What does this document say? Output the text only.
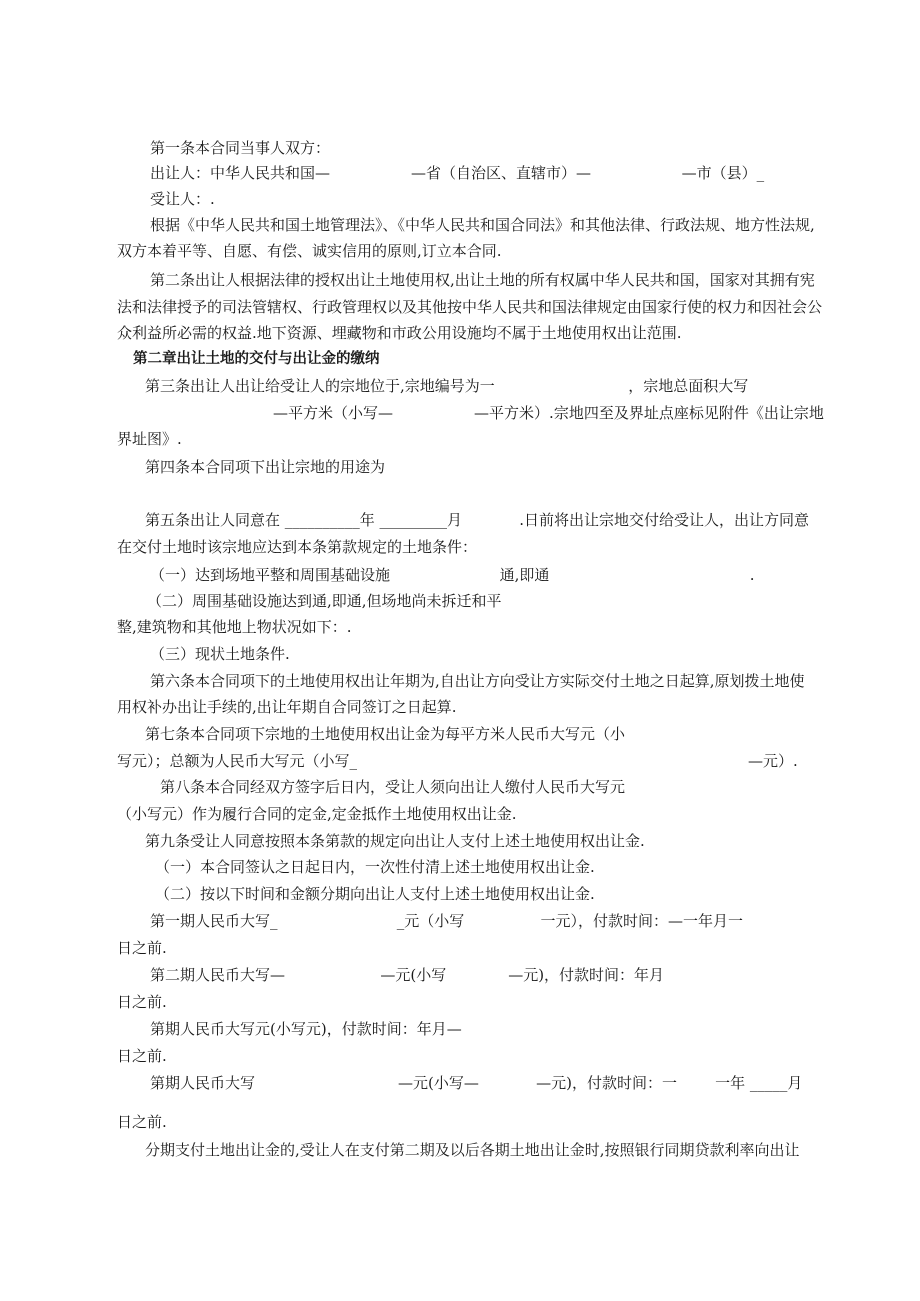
第一条本合同当事人双方：
出让人：中华人民共和国—                 —省（自治区、直辖市）—                   —市（县）_
受让人：.
根据《中华人民共和国土地管理法》、《中华人民共和国合同法》和其他法律、行政法规、地方性法规,
双方本着平等、自愿、有偿、诚实信用的原则,订立本合同.
第二条出让人根据法律的授权出让土地使用权,出让土地的所有权属中华人民共和国，国家对其拥有宪
法和法律授予的司法管辖权、行政管理权以及其他按中华人民共和国法律规定由国家行使的权力和因社会公
众利益所必需的权益.地下资源、埋藏物和市政公用设施均不属于土地使用权出让范围.
第二章出让土地的交付与出让金的缴纳
第三条出让人出让给受让人的宗地位于,宗地编号为一                            ，宗地总面积大写
—平方米（小写—                 —平方米）.宗地四至及界址点座标见附件《出让宗地
界址图》.
第四条本合同项下出让宗地的用途为
第五条出让人同意在 __________年 _________月            .日前将出让宗地交付给受让人，出让方同意
在交付土地时该宗地应达到本条第款规定的土地条件：
（一）达到场地平整和周围基础设施                       通,即通                                          .
（二）周围基础设施达到通,即通,但场地尚未拆迁和平
整,建筑物和其他地上物状况如下：.
（三）现状土地条件.
第六条本合同项下的土地使用权出让年期为,自出让方向受让方实际交付土地之日起算,原划拨土地使
用权补办出让手续的,出让年期自合同签订之日起算.
第七条本合同项下宗地的土地使用权出让金为每平方米人民币大写元（小
写元）；总额为人民币大写元（小写_	—元）.
第八条本合同经双方签字后日内，受让人须向出让人缴付人民币大写元
（小写元）作为履行合同的定金,定金抵作土地使用权出让金.
第九条受让人同意按照本条第款的规定向出让人支付上述土地使用权出让金.
（一）本合同签认之日起日内，一次性付清上述土地使用权出让金.
（二）按以下时间和金额分期向出让人支付上述土地使用权出让金.
第一期人民币大写_                         _元（小写                一元），付款时间：—一年月一
日之前.
第二期人民币大写—                    —元(小写             —元)，付款时间：年月
日之前.
第期人民币大写元(小写元)，付款时间：年月—
日之前.
第期人民币大写                              —元(小写—            —元)，付款时间：一        一年 _____月
日之前.
分期支付土地出让金的,受让人在支付第二期及以后各期土地出让金时,按照银行同期贷款利率向出让
